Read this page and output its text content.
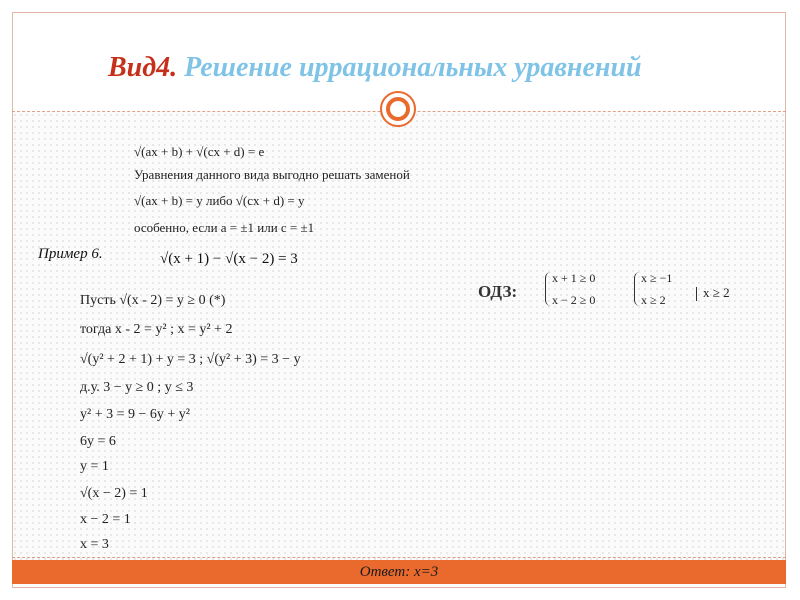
Вид4. Решение иррациональных уравнений
√(ax + b) + √(cx + d) = e
Уравнения данного вида выгодно решать заменой
√(ax + b) = y либо √(cx + d) = y
особенно, если a = ±1 или c = ±1
Пример 6.	√(x + 1) − √(x − 2) = 3
ОДЗ:
x + 1 ≥ 0
x − 2 ≥ 0
x ≥ −1
x ≥ 2	x ≥ 2
Пусть √(x - 2) = y ≥ 0 (*)
тогда x - 2 = y² ; x = y² + 2
√(y² + 2 + 1) + y = 3 ; √(y² + 3) = 3 − y
д.у. 3 − y ≥ 0 ; y ≤ 3
y² + 3 = 9 − 6y + y²
6y = 6
y = 1
√(x − 2) = 1
x − 2 = 1
x = 3
Ответ: x=3
